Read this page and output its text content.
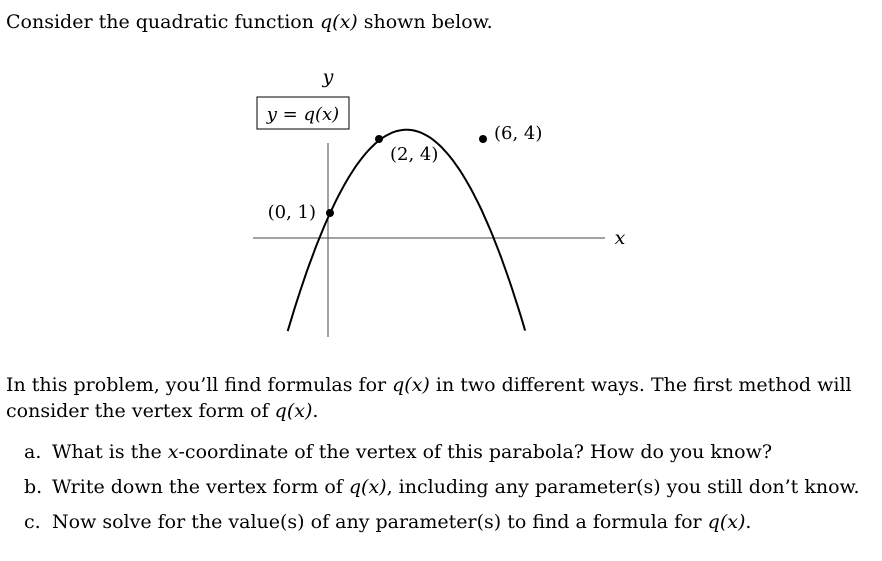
Consider the quadratic function q(x) shown below.
x
y
y = q(x)
(0, 1)
(2, 4)
(6, 4)
In this problem, you’ll find formulas for q(x) in two different ways. The first method will consider the vertex form of q(x).
a. What is the x-coordinate of the vertex of this parabola? How do you know?
b. Write down the vertex form of q(x), including any parameter(s) you still don’t know.
c. Now solve for the value(s) of any parameter(s) to find a formula for q(x).
